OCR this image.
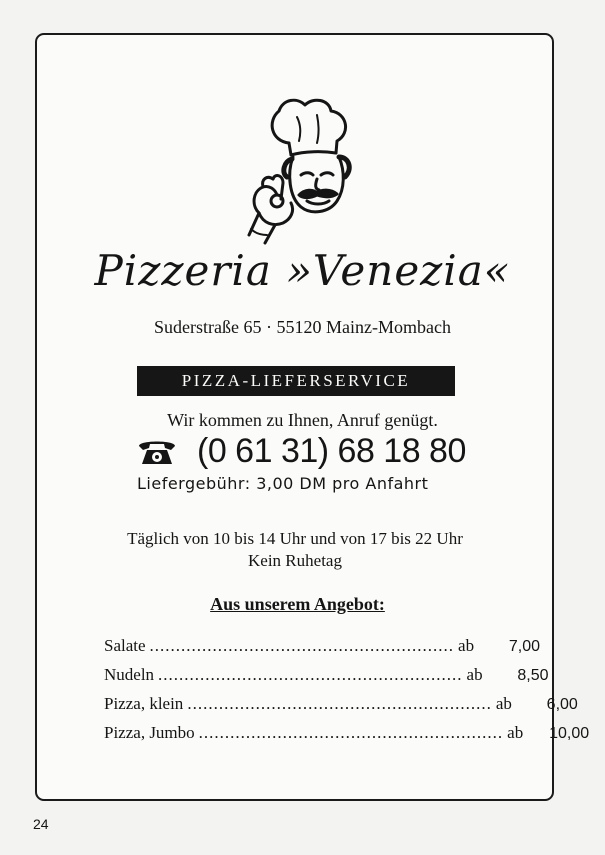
Pizzeria »Venezia«
Suderstraße 65 · 55120 Mainz-Mombach
PIZZA-LIEFERSERVICE
Wir kommen zu Ihnen, Anruf genügt.
(0 61 31) 68 18 80
Liefergebühr: 3,00 DM pro Anfahrt
Täglich von 10 bis 14 Uhr und von 17 bis 22 Uhr
Kein Ruhetag
Aus unserem Angebot:
Salate .......................................................... ab	7,00
Nudeln .......................................................... ab	8,50
Pizza, klein .......................................................... ab	6,00
Pizza, Jumbo .......................................................... ab	10,00
24
